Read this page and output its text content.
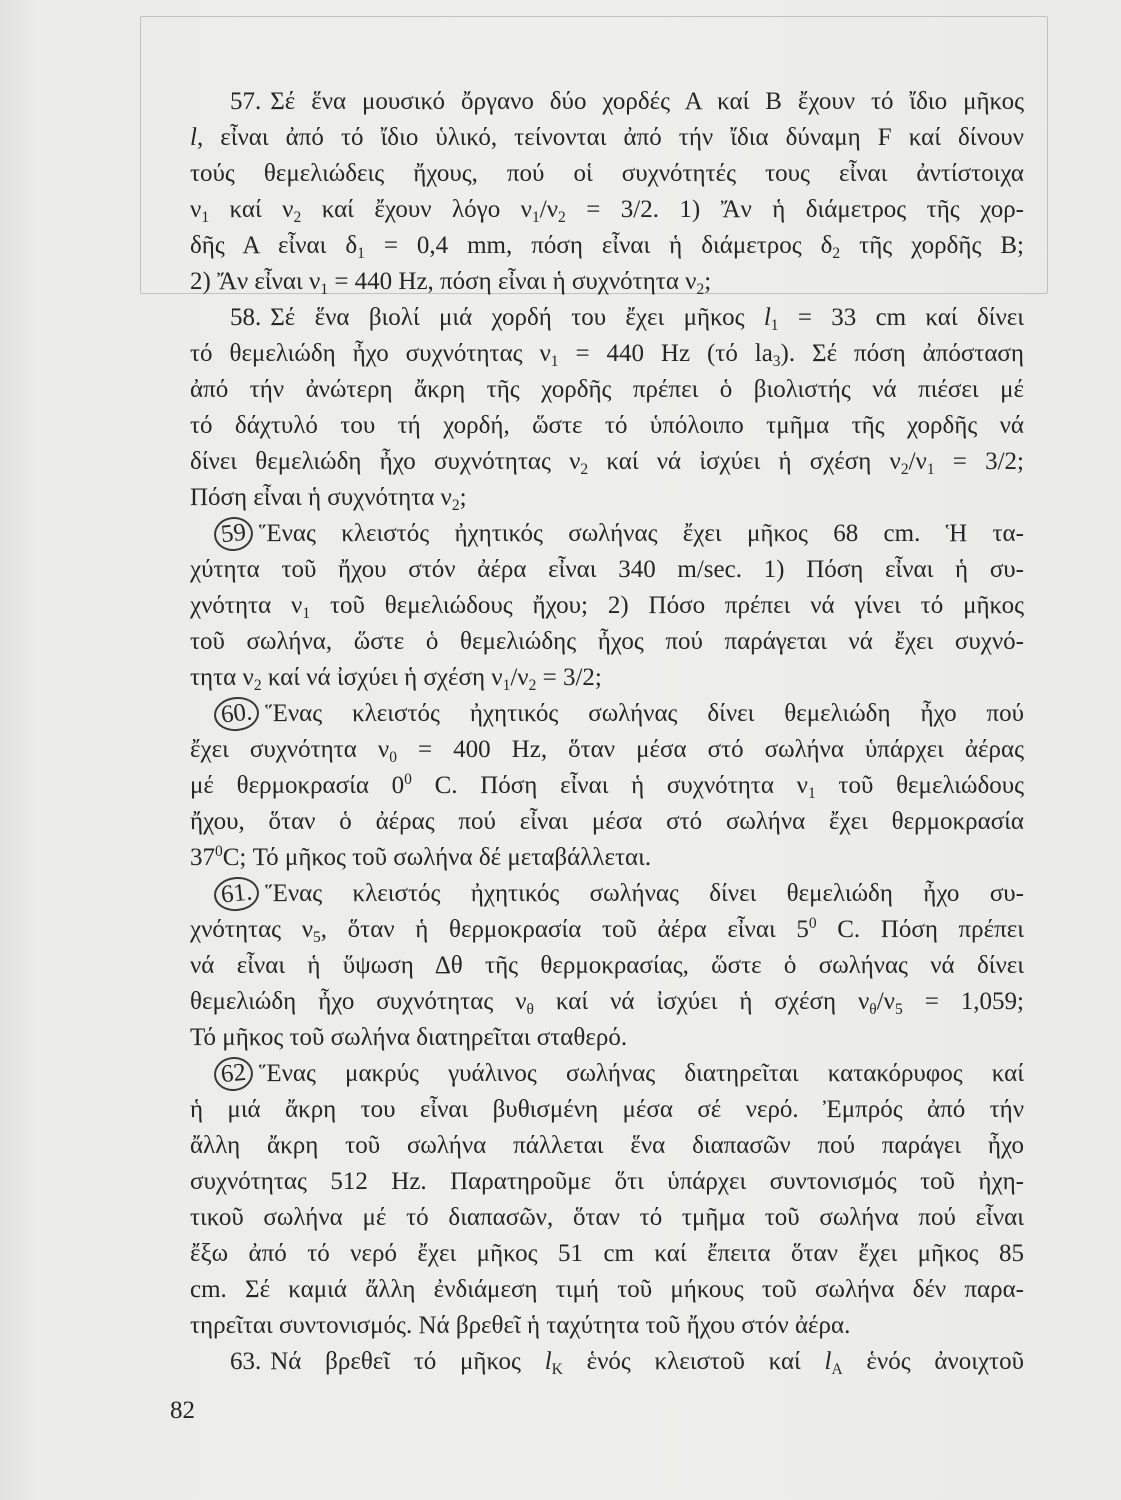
57. Σέ ἕνα μουσικό ὄργανο δύο χορδές Α καί Β ἔχουν τό ἴδιο μῆκος
l, εἶναι ἀπό τό ἴδιο ὑλικό, τείνονται ἀπό τήν ἴδια δύναμη F καί δίνουν
τούς θεμελιώδεις ἤχους, πού οἱ συχνότητές τους εἶναι ἀντίστοιχα
$\nu_1$ καί $\nu_2$ καί ἔχουν λόγο $\nu_1/\nu_2 = 3/2$. 1) Ἄν ἡ διάμετρος τῆς χορ-
δῆς Α εἶναι $\delta_1 = 0,4$ mm, πόση εἶναι ἡ διάμετρος $\delta_2$ τῆς χορδῆς Β;
2) Ἄν εἶναι $\nu_1 = 440$ Hz, πόση εἶναι ἡ συχνότητα $\nu_2$;
58. Σέ ἕνα βιολί μιά χορδή του ἔχει μῆκος $l_1 = 33$ cm καί δίνει
τό θεμελιώδη ἦχο συχνότητας $\nu_1 = 440$ Hz (τό $la_3$). Σέ πόση ἀπόσταση
ἀπό τήν ἀνώτερη ἄκρη τῆς χορδῆς πρέπει ὁ βιολιστής νά πιέσει μέ
τό δάχτυλό του τή χορδή, ὥστε τό ὑπόλοιπο τμῆμα τῆς χορδῆς νά
δίνει θεμελιώδη ἦχο συχνότητας $\nu_2$ καί νά ἰσχύει ἡ σχέση $\nu_2/\nu_1 = 3/2$;
Πόση εἶναι ἡ συχνότητα $\nu_2$;
59 Ἕνας κλειστός ἠχητικός σωλήνας ἔχει μῆκος 68 cm. Ἡ τα-
χύτητα τοῦ ἤχου στόν ἀέρα εἶναι 340 m/sec. 1) Πόση εἶναι ἡ συ-
χνότητα $\nu_1$ τοῦ θεμελιώδους ἤχου; 2) Πόσο πρέπει νά γίνει τό μῆκος
τοῦ σωλήνα, ὥστε ὁ θεμελιώδης ἦχος πού παράγεται νά ἔχει συχνό-
τητα $\nu_2$ καί νά ἰσχύει ἡ σχέση $\nu_1/\nu_2 = 3/2$;
60. Ἕνας κλειστός ἠχητικός σωλήνας δίνει θεμελιώδη ἦχο πού
ἔχει συχνότητα $\nu_0 = 400$ Hz, ὅταν μέσα στό σωλήνα ὑπάρχει ἀέρας
μέ θερμοκρασία $0^0$ C. Πόση εἶναι ἡ συχνότητα $\nu_1$ τοῦ θεμελιώδους
ἤχου, ὅταν ὁ ἀέρας πού εἶναι μέσα στό σωλήνα ἔχει θερμοκρασία
$37^0C$; Τό μῆκος τοῦ σωλήνα δέ μεταβάλλεται.
61. Ἕνας κλειστός ἠχητικός σωλήνας δίνει θεμελιώδη ἦχο συ-
χνότητας $\nu_5$, ὅταν ἡ θερμοκρασία τοῦ ἀέρα εἶναι $5^0$ C. Πόση πρέπει
νά εἶναι ἡ ὕψωση Δθ τῆς θερμοκρασίας, ὥστε ὁ σωλήνας νά δίνει
θεμελιώδη ἦχο συχνότητας $\nu_\theta$ καί νά ἰσχύει ἡ σχέση $\nu_\theta/\nu_5 = 1,059$;
Τό μῆκος τοῦ σωλήνα διατηρεῖται σταθερό.
62 Ἕνας μακρύς γυάλινος σωλήνας διατηρεῖται κατακόρυφος καί
ἡ μιά ἄκρη του εἶναι βυθισμένη μέσα σέ νερό. Ἐμπρός ἀπό τήν
ἄλλη ἄκρη τοῦ σωλήνα πάλλεται ἕνα διαπασῶν πού παράγει ἦχο
συχνότητας 512 Hz. Παρατηροῦμε ὅτι ὑπάρχει συντονισμός τοῦ ἠχη-
τικοῦ σωλήνα μέ τό διαπασῶν, ὅταν τό τμῆμα τοῦ σωλήνα πού εἶναι
ἔξω ἀπό τό νερό ἔχει μῆκος 51 cm καί ἔπειτα ὅταν ἔχει μῆκος 85
cm. Σέ καμιά ἄλλη ἐνδιάμεση τιμή τοῦ μήκους τοῦ σωλήνα δέν παρα-
τηρεῖται συντονισμός. Νά βρεθεῖ ἡ ταχύτητα τοῦ ἤχου στόν ἀέρα.
63. Νά βρεθεῖ τό μῆκος $l_K$ ἑνός κλειστοῦ καί $l_A$ ἑνός ἀνοιχτοῦ
82
